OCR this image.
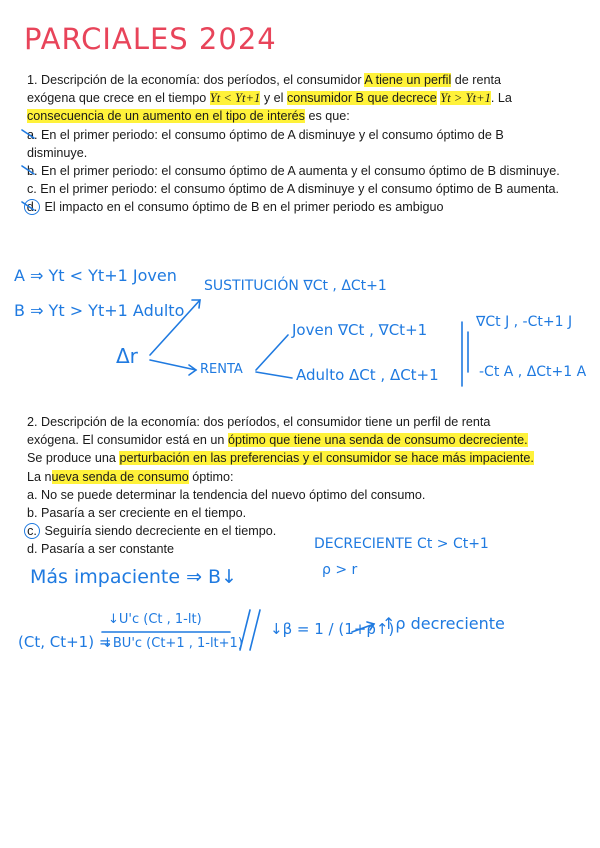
PARCIALES 2024

1. Descripción de la economía: dos períodos, el consumidor A tiene un perfil de renta

exógena que crece en el tiempo Yt < Yt+1 y el consumidor B que decrece Yt > Yt+1. La

consecuencia de un aumento en el tipo de interés es que:

a. En el primer periodo: el consumo óptimo de A disminuye y el consumo óptimo de B disminuye.

b. En el primer periodo: el consumo óptimo de A aumenta y el consumo óptimo de B disminuye.

c. En el primer periodo: el consumo óptimo de A disminuye y el consumo óptimo de B aumenta.

d. El impacto en el consumo óptimo de B en el primer periodo es ambiguo

A ⇒ Yt < Yt+1 Joven
B ⇒ Yt > Yt+1 Adulto
Δr
SUSTITUCIÓN ∇Ct , ΔCt+1
RENTA
Joven ∇Ct , ∇Ct+1
Adulto ΔCt , ΔCt+1
∇Ct J , -Ct+1 J
-Ct A , ΔCt+1 A

2. Descripción de la economía: dos períodos, el consumidor tiene un perfil de renta

exógena. El consumidor está en un óptimo que tiene una senda de consumo decreciente.

Se produce una perturbación en las preferencias y el consumidor se hace más impaciente.

La nueva senda de consumo óptimo:

a. No se puede determinar la tendencia del nuevo óptimo del consumo.

b. Pasaría a ser creciente en el tiempo.

c. Seguiría siendo decreciente en el tiempo.

d. Pasaría a ser constante	DECRECIENTE Ct > Ct+1
ρ > r
Más impaciente ⇒ B↓
(Ct, Ct+1) =
↓U'c (Ct , 1-lt)
↓BU'c (Ct+1 , 1-lt+1)
↓β = 1 / (1+ρ↑)
↑ρ decreciente
